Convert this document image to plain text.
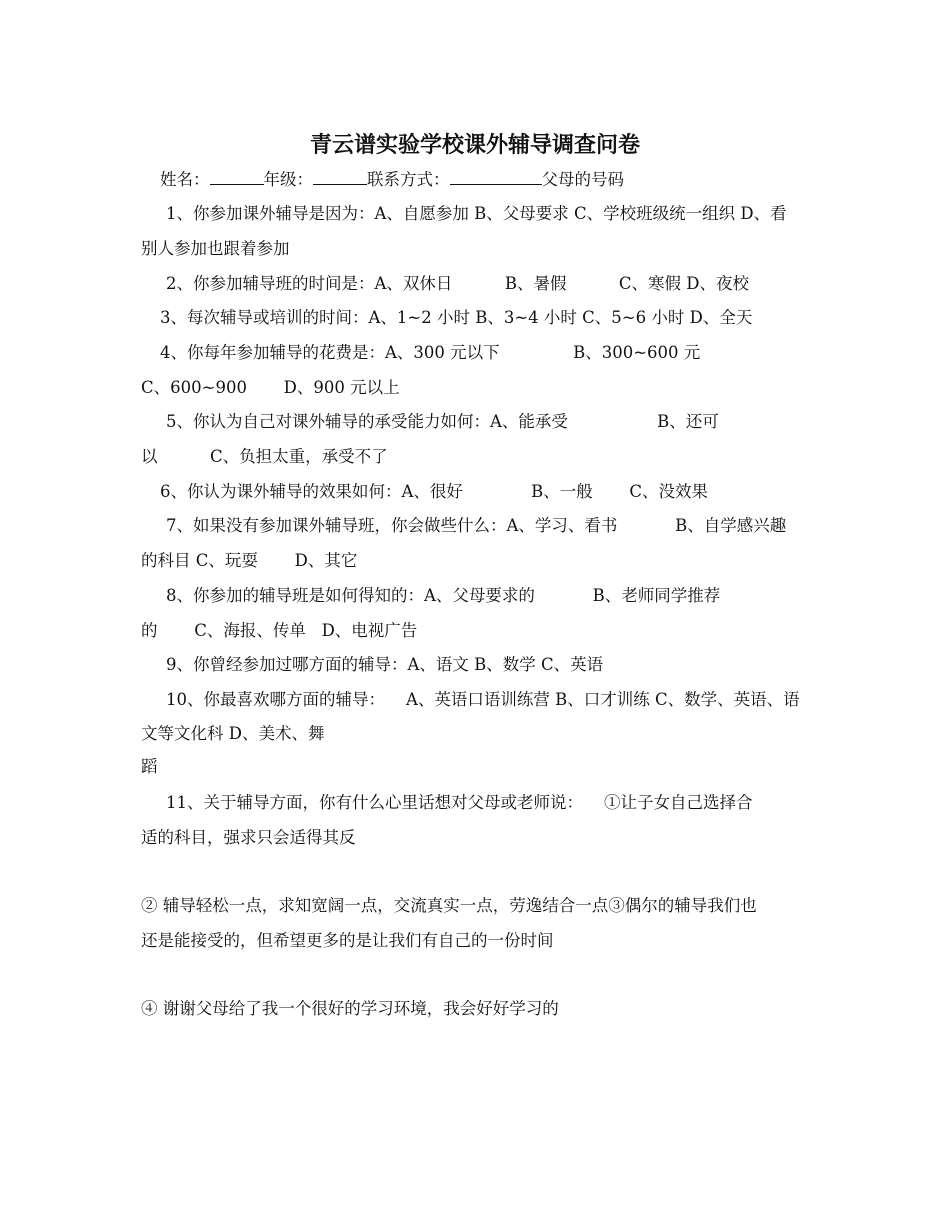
青云谱实验学校课外辅导调查问卷
姓名：	年级：	联系方式：	父母的号码
1、你参加课外辅导是因为：A、自愿参加 B、父母要求 C、学校班级统一组织 D、看
别人参加也跟着参加
2、你参加辅导班的时间是：A、双休日          B、暑假          C、寒假 D、夜校
3、每次辅导或培训的时间：A、1~2 小时 B、3~4 小时 C、5~6 小时 D、全天
4、你每年参加辅导的花费是：A、300 元以下              B、300~600 元
C、600~900       D、900 元以上
5、你认为自己对课外辅导的承受能力如何：A、能承受                 B、还可
以          C、负担太重，承受不了
6、你认为课外辅导的效果如何：A、很好             B、一般       C、没效果
7、如果没有参加课外辅导班，你会做些什么：A、学习、看书           B、自学感兴趣
的科目 C、玩耍       D、其它
8、你参加的辅导班是如何得知的：A、父母要求的           B、老师同学推荐
的       C、海报、传单   D、电视广告
9、你曾经参加过哪方面的辅导：A、语文 B、数学 C、英语
10、你最喜欢哪方面的辅导：    A、英语口语训练营 B、口才训练 C、数学、英语、语
文等文化科 D、美术、舞
蹈
11、关于辅导方面，你有什么心里话想对父母或老师说：    ①让子女自己选择合
适的科目，强求只会适得其反
② 辅导轻松一点，求知宽阔一点，交流真实一点，劳逸结合一点③偶尔的辅导我们也
还是能接受的，但希望更多的是让我们有自己的一份时间
④ 谢谢父母给了我一个很好的学习环境，我会好好学习的
